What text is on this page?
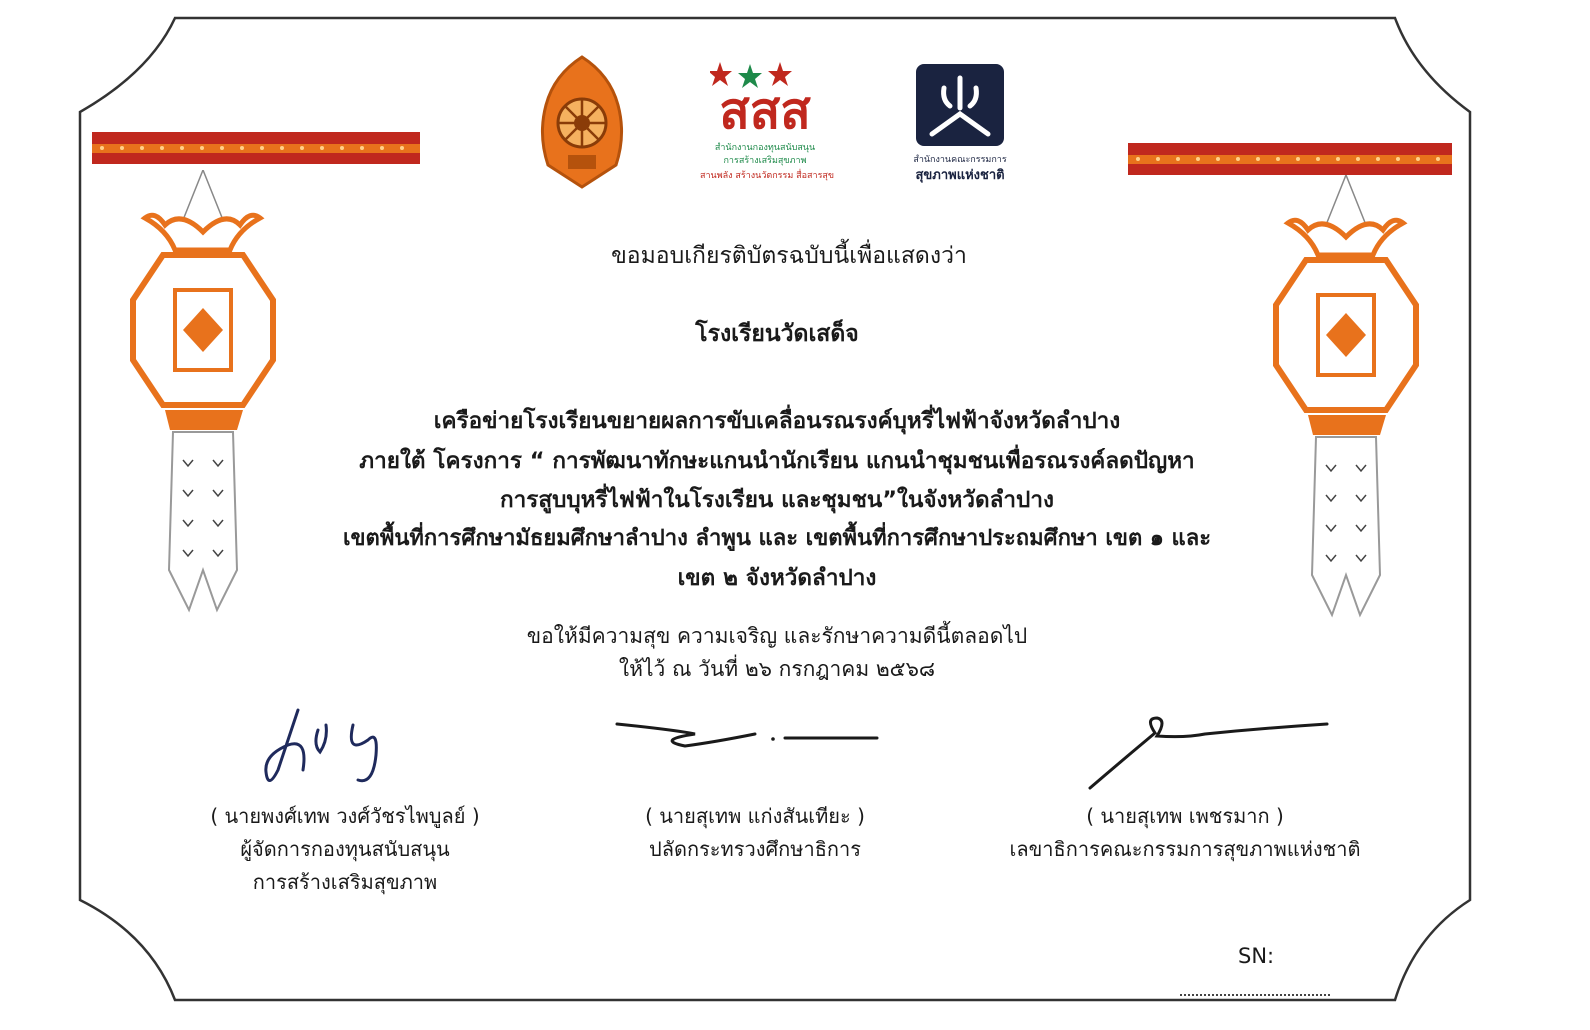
สสส
สำนักงานกองทุนสนับสนุน
การสร้างเสริมสุขภาพ
สานพลัง สร้างนวัตกรรม สื่อสารสุข
สำนักงานคณะกรรมการ
สุขภาพแห่งชาติ
ขอมอบเกียรติบัตรฉบับนี้เพื่อแสดงว่า
โรงเรียนวัดเสด็จ
เครือข่ายโรงเรียนขยายผลการขับเคลื่อนรณรงค์บุหรี่ไฟฟ้าจังหวัดลำปาง
ภายใต้ โครงการ “ การพัฒนาทักษะแกนนำนักเรียน แกนนำชุมชนเพื่อรณรงค์ลดปัญหา
การสูบบุหรี่ไฟฟ้าในโรงเรียน และชุมชน”ในจังหวัดลำปาง
เขตพื้นที่การศึกษามัธยมศึกษาลำปาง ลำพูน และ เขตพื้นที่การศึกษาประถมศึกษา เขต ๑ และ
เขต ๒ จังหวัดลำปาง
ขอให้มีความสุข ความเจริญ และรักษาความดีนี้ตลอดไป
ให้ไว้ ณ วันที่ ๒๖ กรกฎาคม ๒๕๖๘
( นายพงศ์เทพ วงศ์วัชรไพบูลย์ )
ผู้จัดการกองทุนสนับสนุน
การสร้างเสริมสุขภาพ
( นายสุเทพ แก่งสันเทียะ )
ปลัดกระทรวงศึกษาธิการ
( นายสุเทพ เพชรมาก )
เลขาธิการคณะกรรมการสุขภาพแห่งชาติ
SN:
